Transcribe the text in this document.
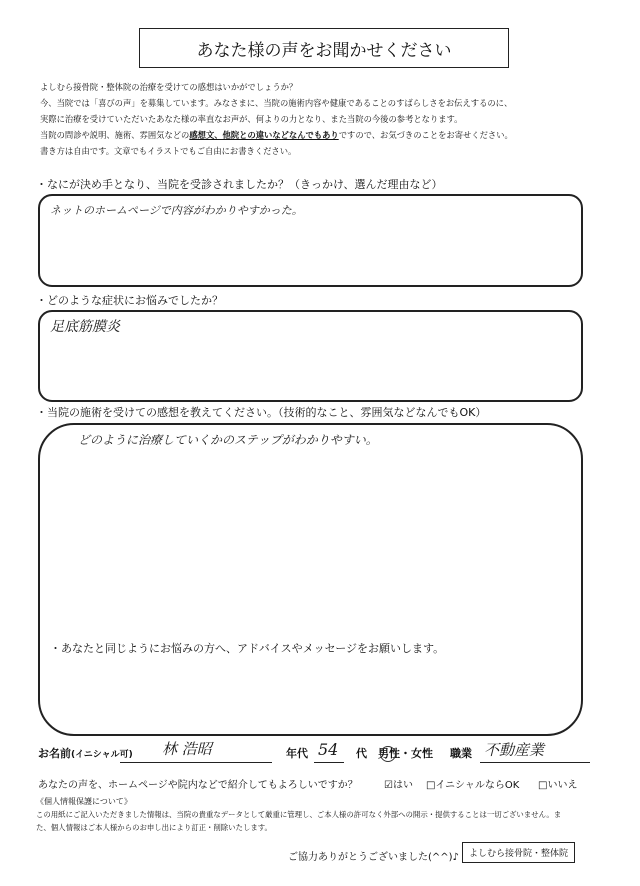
あなた様の声をお聞かせください

よしむら接骨院・整体院の治療を受けての感想はいかがでしょうか？

今、当院では「喜びの声」を募集しています。みなさまに、当院の施術内容や健康であることのすばらしさをお伝えするのに、

実際に治療を受けていただいたあなた様の率直なお声が、何よりの力となり、また当院の今後の参考となります。

当院の問診や説明、施術、雰囲気などの感想文、他院との違いなどなんでもありですので、お気づきのことをお寄せください。

書き方は自由です。文章でもイラストでもご自由にお書きください。

・なにが決め手となり、当院を受診されましたか？（きっかけ、選んだ理由など）
ネットのホームページで内容がわかりやすかった。
・どのような症状にお悩みでしたか？
足底筋膜炎
・当院の施術を受けての感想を教えてください。（技術的なこと、雰囲気などなんでもOK）
どのように治療していくかのステップがわかりやすい。
・あなたと同じようにお悩みの方へ、アドバイスやメッセージをお願いします。
お名前(イニシャル可) 林 浩昭	年代 54 代 男性・女性 職業 不動産業
あなたの声を、ホームページや院内などで紹介してもよろしいですか？	☑はい □イニシャルならOK □いいえ
《個人情報保護について》
この用紙にご記入いただきました情報は、当院の貴重なデータとして厳重に管理し、ご本人様の許可なく外部への開示・提供することは一切ございません。ま
た、個人情報はご本人様からのお申し出により訂正・削除いたします。
ご協力ありがとうございました(^^)♪	よしむら接骨院・整体院
